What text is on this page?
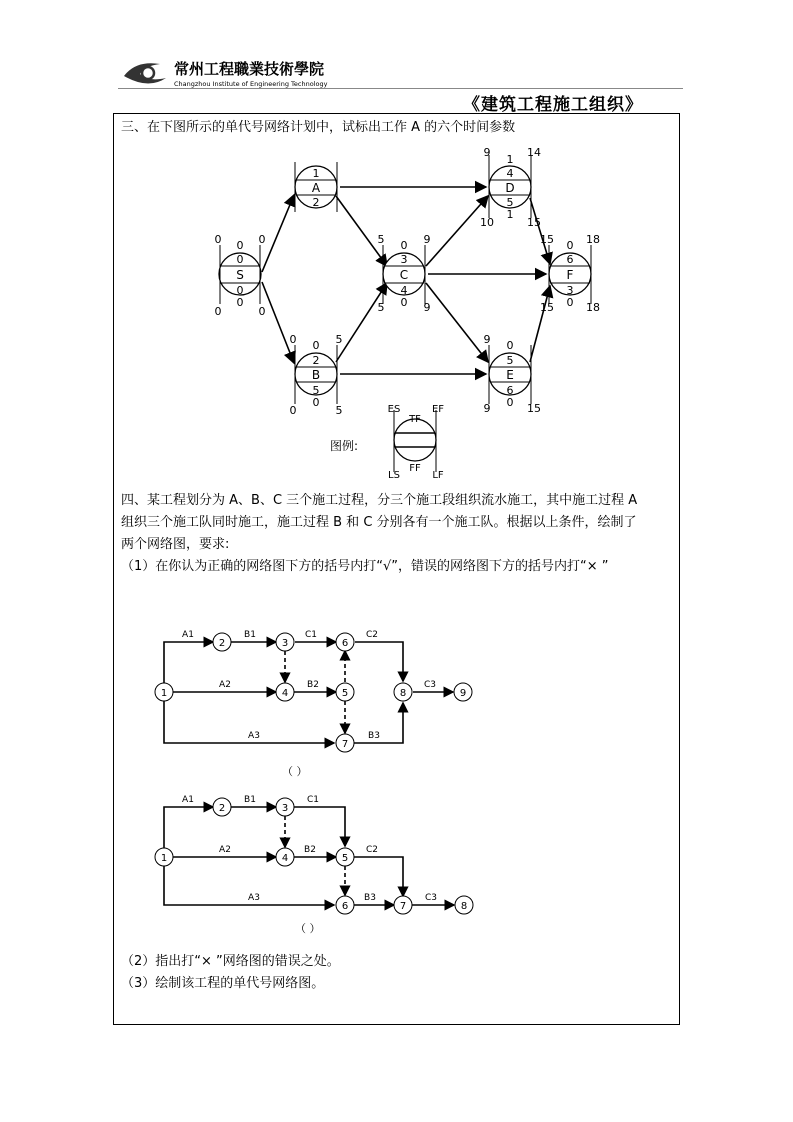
常州工程職業技術學院
Changzhou Institute of Engineering Technology
《建筑工程施工组织》
三、在下图所示的单代号网络计划中，试标出工作 A 的六个时间参数
0
0
S
0
0
0	0
0	0
1
A
2
0
2
B
5
0
0	5
0	5
0
3
C
4
0
5	9
5	9
1
4
D
5
1
9	14
10	15
0
5
E
6
0
9
9	15
0
6
F
3
0
15	18
15	18
图例:
ES
TF
EF
LS
FF
LF

四、某工程划分为 A、B、C 三个施工过程，分三个施工段组织流水施工，其中施工过程 A

组织三个施工队同时施工，施工过程 B 和 C 分别各有一个施工队。根据以上条件，绘制了

两个网络图，要求:

（1）在你认为正确的网络图下方的括号内打“√”，错误的网络图下方的括号内打“× ”

1
2	3
4	5
6
7
8	9
A1	B1	C1	C2
A2	B2	C3
A3	B3
（ ）
1
2	3
4	5
6	7	8
A1	B1	C1
A2	B2	C2
A3	B3	C3
（ ）
（2）指出打“× ”网络图的错误之处。
（3）绘制该工程的单代号网络图。
